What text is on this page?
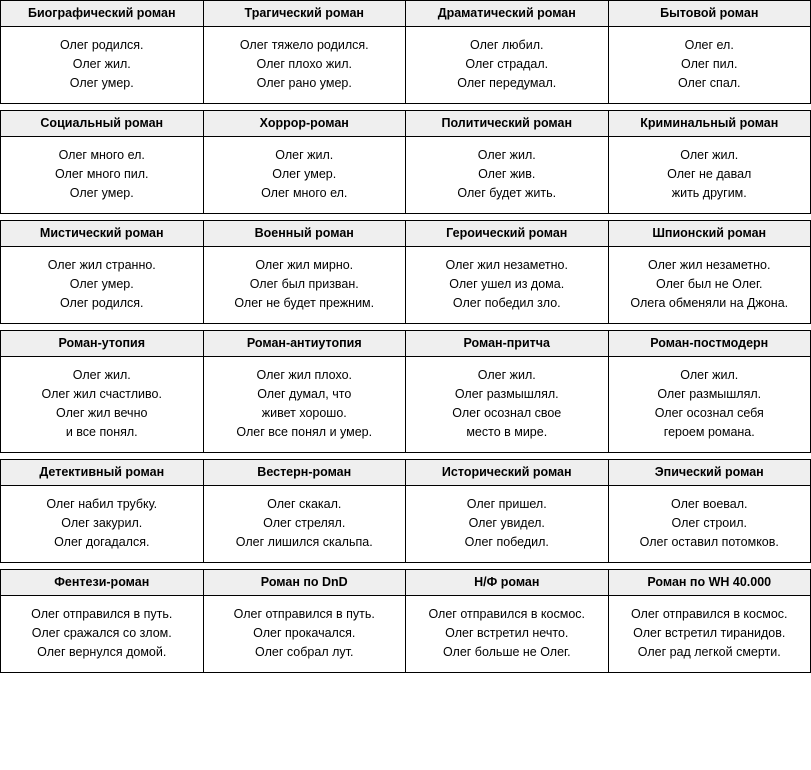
Биографический роман
Олег родился.
Олег жил.
Олег умер.
Трагический роман
Олег тяжело родился.
Олег плохо жил.
Олег рано умер.
Драматический роман
Олег любил.
Олег страдал.
Олег передумал.
Бытовой роман
Олег ел.
Олег пил.
Олег спал.
Социальный роман
Олег много ел.
Олег много пил.
Олег умер.
Хоррор-роман
Олег жил.
Олег умер.
Олег много ел.
Политический роман
Олег жил.
Олег жив.
Олег будет жить.
Криминальный роман
Олег жил.
Олег не давал
жить другим.
Мистический роман
Олег жил странно.
Олег умер.
Олег родился.
Военный роман
Олег жил мирно.
Олег был призван.
Олег не будет прежним.
Героический роман
Олег жил незаметно.
Олег ушел из дома.
Олег победил зло.
Шпионский роман
Олег жил незаметно.
Олег был не Олег.
Олега обменяли на Джона.
Роман-утопия
Олег жил.
Олег жил счастливо.
Олег жил вечно
и все понял.
Роман-антиутопия
Олег жил плохо.
Олег думал, что
живет хорошо.
Олег все понял и умер.
Роман-притча
Олег жил.
Олег размышлял.
Олег осознал свое
место в мире.
Роман-постмодерн
Олег жил.
Олег размышлял.
Олег осознал себя
героем романа.
Детективный роман
Олег набил трубку.
Олег закурил.
Олег догадался.
Вестерн-роман
Олег скакал.
Олег стрелял.
Олег лишился скальпа.
Исторический роман
Олег пришел.
Олег увидел.
Олег победил.
Эпический роман
Олег воевал.
Олег строил.
Олег оставил потомков.
Фентези-роман
Олег отправился в путь.
Олег сражался со злом.
Олег вернулся домой.
Роман по DnD
Олег отправился в путь.
Олег прокачался.
Олег собрал лут.
Н/Ф роман
Олег отправился в космос.
Олег встретил нечто.
Олег больше не Олег.
Роман по WH 40.000
Олег отправился в космос.
Олег встретил тиранидов.
Олег рад легкой смерти.
